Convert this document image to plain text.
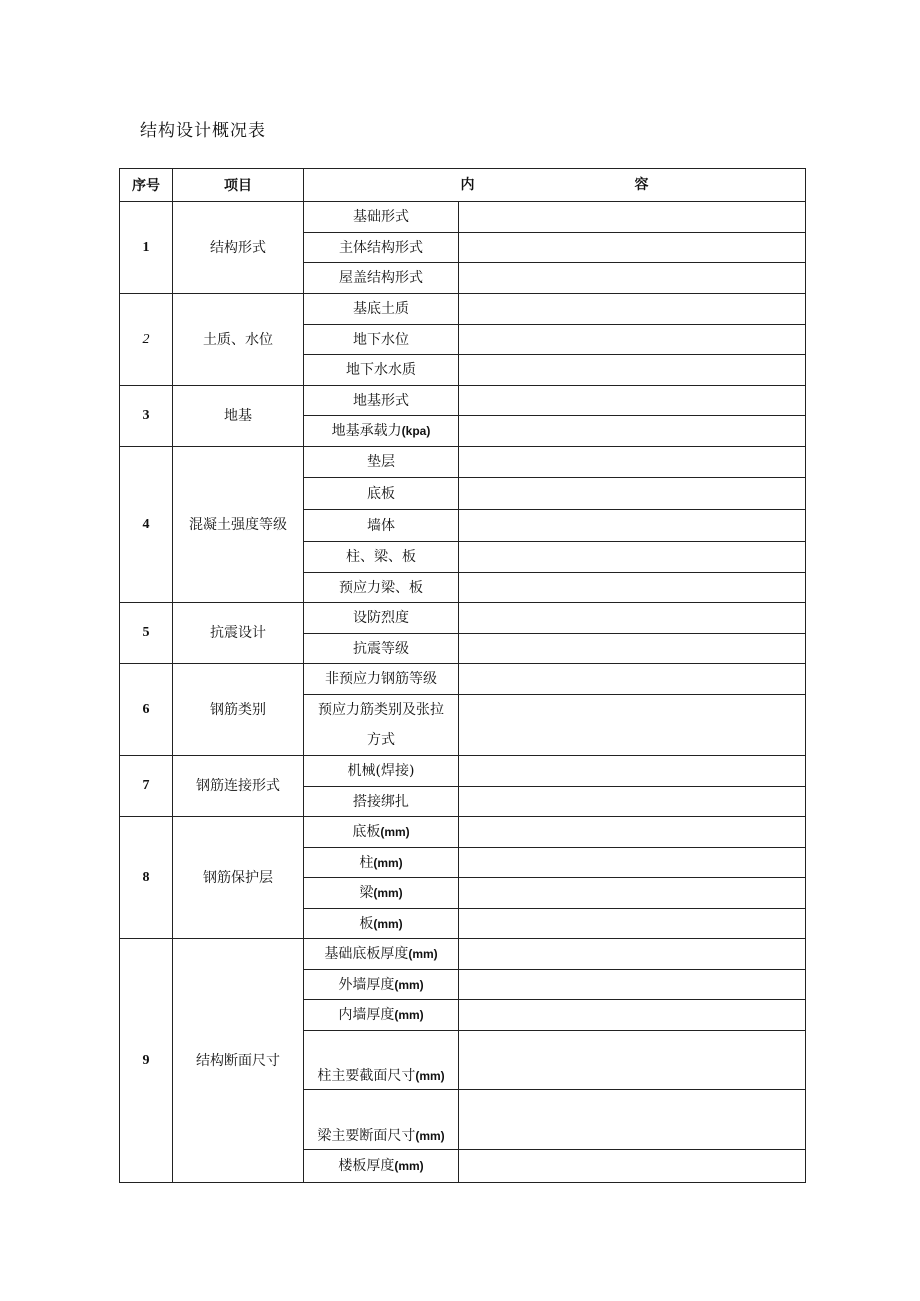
结构设计概况表
序号	项目	内 容	
1	结构形式	基础形式	
		主体结构形式	
		屋盖结构形式	
2	土质、水位	基底土质	
		地下水位	
		地下水水质	
3	地基	地基形式	
		地基承载力(kpa)	
4	混凝土强度等级	垫层	
		底板	
		墙体	
		柱、梁、板	
		预应力梁、板	
5	抗震设计	设防烈度	
		抗震等级	
6	钢筋类别	非预应力钢筋等级	
		预应力筋类别及张拉方式	
7	钢筋连接形式	机械(焊接)	
		搭接绑扎	
8	钢筋保护层	底板(mm)	
		柱(mm)	
		梁(mm)	
		板(mm)	
9	结构断面尺寸	基础底板厚度(mm)	
		外墙厚度(mm)	
		内墙厚度(mm)	
		柱主要截面尺寸(mm)	
		梁主要断面尺寸(mm)	
		楼板厚度(mm)	
